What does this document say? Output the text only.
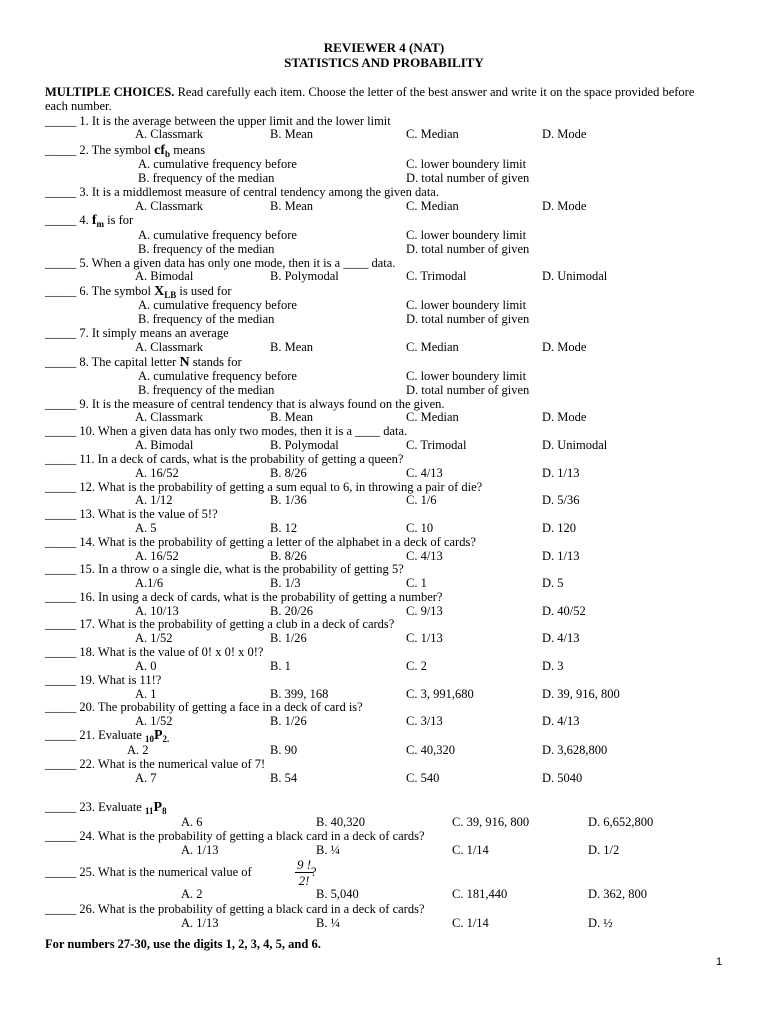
REVIEWER 4 (NAT)
STATISTICS AND PROBABILITY
MULTIPLE CHOICES. Read carefully each item. Choose the letter of the best answer and write it on the space provided before each number.
_____ 1. It is the average between the upper limit and the lower limit
A. Classmark	B. Mean	C. Median	D. Mode
_____ 2. The symbol $cf_b$ means
A. cumulative frequency before	C. lower boundery limit
B. frequency of the median	D. total number of given
_____ 3. It is a middlemost measure of central tendency among the given data.
A. Classmark	B. Mean	C. Median	D. Mode
_____ 4. $f_m$ is for
A. cumulative frequency before	C. lower boundery limit
B. frequency of the median	D. total number of given
_____ 5. When a given data has only one mode, then it is a ____ data.
A. Bimodal	B. Polymodal	C. Trimodal	D. Unimodal
_____ 6. The symbol $X_{LB}$ is used for
A. cumulative frequency before	C. lower boundery limit
B. frequency of the median	D. total number of given
_____ 7. It simply means an average
A. Classmark	B. Mean	C. Median	D. Mode
_____ 8. The capital letter N stands for
A. cumulative frequency before	C. lower boundery limit
B. frequency of the median	D. total number of given
_____ 9. It is the measure of central tendency that is always found on the given.
A. Classmark	B. Mean	C. Median	D. Mode
_____ 10. When a given data has only two modes, then it is a ____ data.
A. Bimodal	B. Polymodal	C. Trimodal	D. Unimodal
_____ 11. In a deck of cards, what is the probability of getting a queen?
A. 16/52	B. 8/26	C. 4/13	D. 1/13
_____ 12. What is the probability of getting a sum equal to 6, in throwing a pair of die?
A. 1/12	B. 1/36	C. 1/6	D. 5/36
_____ 13. What is the value of 5!?
A. 5	B. 12	C. 10	D. 120
_____ 14. What is the probability of getting a letter of the alphabet in a deck of cards?
A. 16/52	B. 8/26	C. 4/13	D. 1/13
_____ 15. In a throw o a single die, what is the probability of getting 5?
A.1/6	B. 1/3	C. 1	D. 5
_____ 16. In using a deck of cards, what is the probability of getting a number?
A. 10/13	B. 20/26	C. 9/13	D. 40/52
_____ 17. What is the probability of getting a club in a deck of cards?
A. 1/52	B. 1/26	C. 1/13	D. 4/13
_____ 18. What is the value of 0! x 0! x 0!?
A. 0	B. 1	C. 2	D. 3
_____ 19. What is 11!?
A. 1	B. 399, 168	C. 3, 991,680	D. 39, 916, 800
_____ 20. The probability of getting a face in a deck of card is?
A. 1/52	B. 1/26	C. 3/13	D. 4/13
_____ 21. Evaluate $_{10}P_{2.}$
A. 2	B. 90	C. 40,320	D. 3,628,800
_____ 22. What is the numerical value of 7!
A. 7	B. 54	C. 540	D. 5040
_____ 23. Evaluate $_{11}P_8$
A. 6	B. 40,320	C. 39, 916, 800	D. 6,652,800
_____ 24. What is the probability of getting a black card in a deck of cards?
A. 1/13	B. ¼	C. 1/14	D. 1/2
_____ 25. What is the numerical value of	$\frac{9 !}{2!}$
?
A. 2	B. 5,040	C. 181,440	D. 362, 800
_____ 26. What is the probability of getting a black card in a deck of cards?
A. 1/13	B. ¼	C. 1/14	D. ½
For numbers 27-30, use the digits 1, 2, 3, 4, 5, and 6.
1
